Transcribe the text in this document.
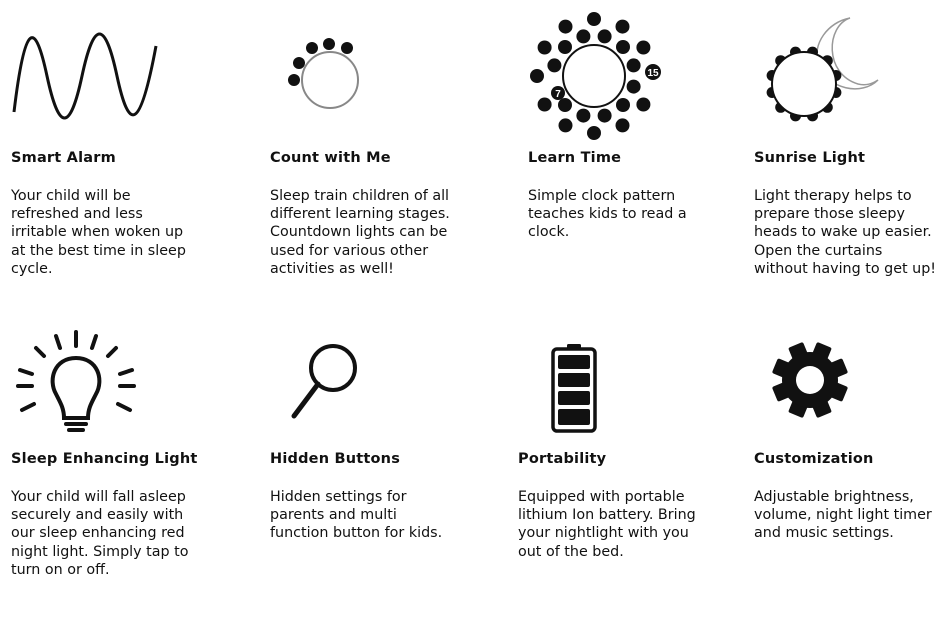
Smart Alarm

Your child will be
refreshed and less
irritable when woken up
at the best time in sleep
cycle.

Count with Me

Sleep train children of all
different learning stages.
Countdown lights can be
used for various other
activities as well!

15
7
Learn Time

Simple clock pattern
teaches kids to read a
clock.

Sunrise Light

Light therapy helps to
prepare those sleepy
heads to wake up easier.
Open the curtains
without having to get up!

Sleep Enhancing Light

Your child will fall asleep
securely and easily with
our sleep enhancing red
night light. Simply tap to
turn on or off.

Hidden Buttons

Hidden settings for
parents and multi
function button for kids.

Portability

Equipped with portable
lithium Ion battery. Bring
your nightlight with you
out of the bed.

Customization

Adjustable brightness,
volume, night light timer
and music settings.
